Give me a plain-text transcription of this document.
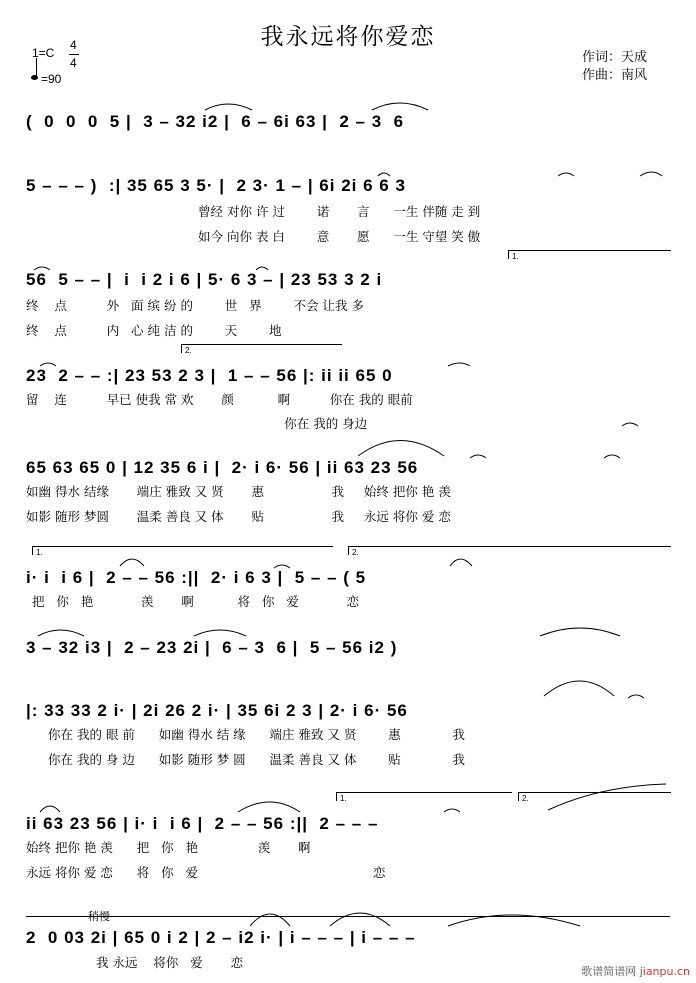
我永远将你爱恋
1=C
4
4
=90
作词：天成
作曲：南风
(  0  0  0  5 |  3 – 32 i2 |  6 – 6i 63 |  2 – 3  6
5 – – – )  :| 35 65 3 5· |  2 3· 1 – | 6i 2i 6 6 3
曾经 对你 许 过        诺       言      一生 伴随 走 到
如今 向你 表 白        意       愿      一生 守望 笑 傲
1.
56  5 – – |  i  i 2 i 6 | 5· 6 3 – | 23 53 3 2 i
终    点          外   面 缤 纷 的        世   界        不会 让我 多
终    点          内   心 纯 洁 的        天        地
2.
23  2 – – :| 23 53 2 3 |  1 – – 56 |: ii ii 65 0
留    连          早已 使我 常 欢       颜           啊          你在 我的 眼前
你在 我的 身边
65 63 65 0 | 12 35 6 i |  2· i 6· 56 | ii 63 23 56
如幽 得水 结缘       端庄 雅致 又 贤       惠                 我     始终 把你 艳 羡
如影 随形 梦圆       温柔 善良 又 体       贴                 我     永远 将你 爱 恋
1.	2.
i· i  i 6 |  2 – – 56 :||  2· i 6 3 |  5 – – ( 5
把   你   艳            羡       啊           将   你   爱            恋
3 – 32 i3 |  2 – 23 2i |  6 – 3  6 |  5 – 56 i2 )
|: 33 33 2 i· | 2i 26 2 i· | 35 6i 2 3 | 2· i 6· 56
你在 我的 眼 前      如幽 得水 结 缘      端庄 雅致 又 贤        惠             我
你在 我的 身 边      如影 随形 梦 圆      温柔 善良 又 体        贴             我
1.	2.
ii 63 23 56 | i· i  i 6 |  2 – – 56 :||  2 – – –
始终 把你 艳 羡      把   你   艳               羡       啊
永远 将你 爱 恋      将   你   爱                                            恋
稍慢
2  0 03 2i | 65 0 i 2 | 2 – i2 i· | i – – – | i – – –
我 永远    将你   爱       恋
歌谱简谱网 jianpu.cn
